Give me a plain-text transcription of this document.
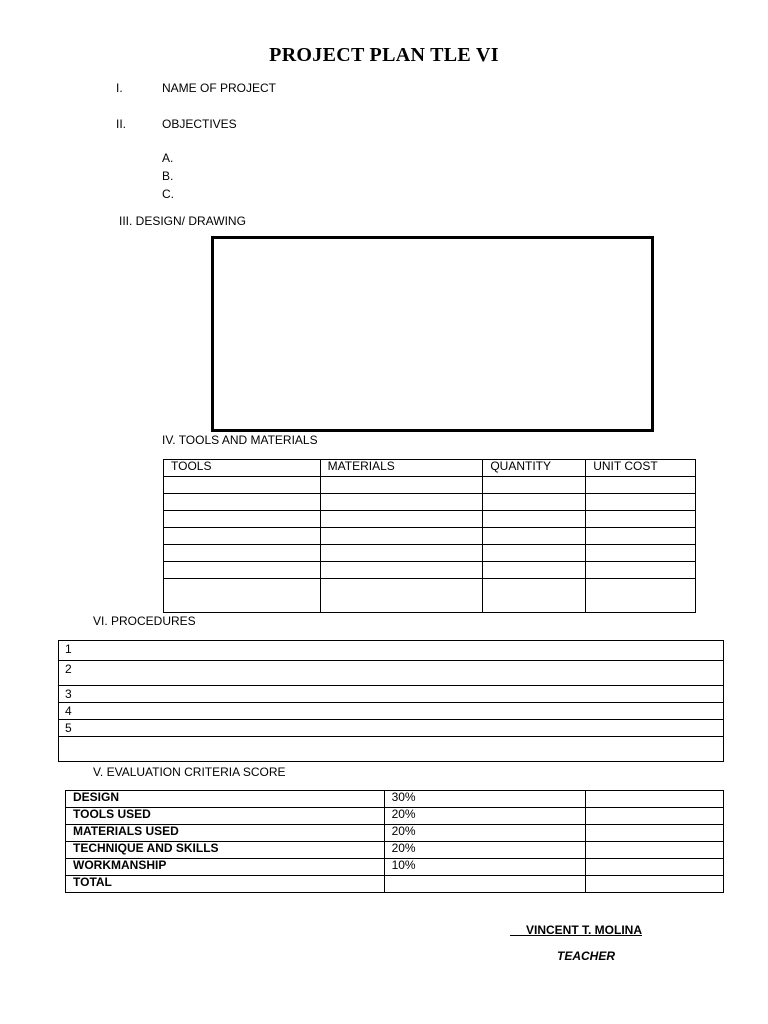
PROJECT PLAN TLE VI
I.	NAME OF PROJECT
II.	OBJECTIVES
A.
B.
C.
III. DESIGN/ DRAWING
IV. TOOLS AND MATERIALS
TOOLS	MATERIALS	QUANTITY	UNIT COST

VI. PROCEDURES
1
2
3
4
5

V. EVALUATION CRITERIA SCORE
DESIGN	30%	
TOOLS USED	20%	
MATERIALS USED	20%	
TECHNIQUE AND SKILLS	20%	
WORKMANSHIP	10%	
TOTAL		
VINCENT T. MOLINA
TEACHER
